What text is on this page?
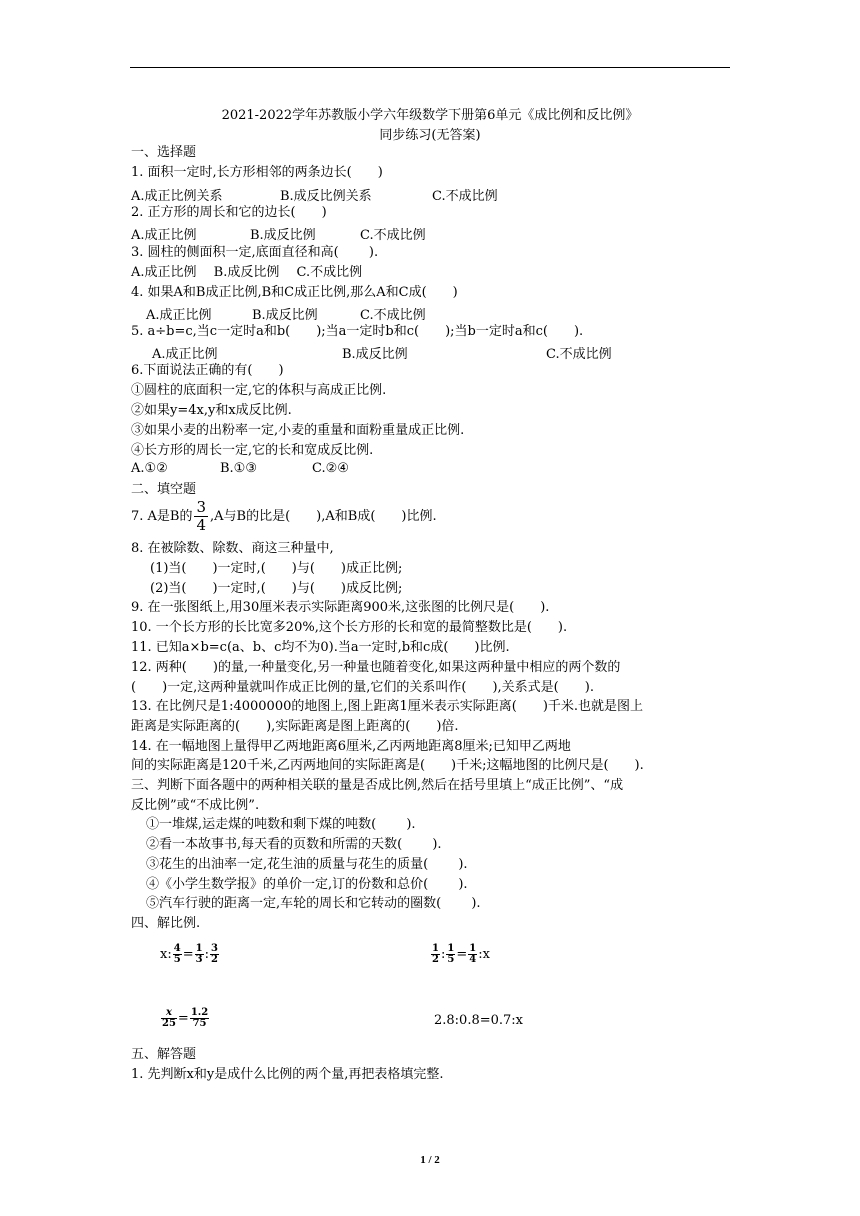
2021-2022学年苏教版小学六年级数学下册第6单元《成比例和反比例》
同步练习(无答案)
一、选择题
1. 面积一定时,长方形相邻的两条边长(　　)
A.成正比例关系	B.成反比例关系	C.不成比例
2. 正方形的周长和它的边长(　　)
A.成正比例	B.成反比例	C.不成比例
3. 圆柱的侧面积一定,底面直径和高(　　 ).
A.成正比例　 B.成反比例　 C.不成比例
4. 如果A和B成正比例,B和C成正比例,那么A和C成(　　)
A.成正比例	B.成反比例	C.不成比例
5. a÷b=c,当c一定时a和b(　　);当a一定时b和c(　　);当b一定时a和c(　　).
A.成正比例	B.成反比例	C.不成比例
6.下面说法正确的有(　　)
①圆柱的底面积一定,它的体积与高成正比例.
②如果y=4x,y和x成反比例.
③如果小麦的出粉率一定,小麦的重量和面粉重量成正比例.
④长方形的周长一定,它的长和宽成反比例.
A.①②	B.①③	C.②④
二、填空题
7. A是B的 $\frac{3}{4} ,A$与B的比是(　　),A和B成(　　)比例.
8. 在被除数、除数、商这三种量中,
(1)当(　　)一定时,(　　)与(　　)成正比例;
(2)当(　　)一定时,(　　)与(　　)成反比例;
9. 在一张图纸上,用30厘米表示实际距离900米,这张图的比例尺是(　　).
10. 一个长方形的长比宽多20%,这个长方形的长和宽的最简整数比是(　　).
11. 已知a×b=c(a、b、c均不为0).当a一定时,b和c成(　　)比例.
12. 两种(　　)的量,一种量变化,另一种量也随着变化,如果这两种量中相应的两个数的
(　　)一定,这两种量就叫作成正比例的量,它们的关系叫作(　　),关系式是(　　).
13. 在比例尺是1:4000000的地图上,图上距离1厘米表示实际距离(　　)千米.也就是图上
距离是实际距离的(　　),实际距离是图上距离的(　　)倍.
14. 在一幅地图上量得甲乙两地距离6厘米,乙丙两地距离8厘米;已知甲乙两地
间的实际距离是120千米,乙丙两地间的实际距离是(　　)千米;这幅地图的比例尺是(　　).
三、判断下面各题中的两种相关联的量是否成比例,然后在括号里填上“成正比例”、“成
反比例”或“不成比例”.
①一堆煤,运走煤的吨数和剩下煤的吨数(　　 ).
②看一本故事书,每天看的页数和所需的天数(　　 ).
③花生的出油率一定,花生油的质量与花生的质量(　　 ).
④《小学生数学报》的单价一定,订的份数和总价(　　 ).
⑤汽车行驶的距离一定,车轮的周长和它转动的圈数(　　 ).
四、解比例.
x: $\frac{4}{5} = \frac{1}{3}$ : $\frac{3}{2}$	$\frac{1}{2}$ : $\frac{1}{5} = \frac{1}{4}$ :x
$\frac{x}{25} = \frac{1.2}{75}$	2.8:0.8=0.7:x
五、解答题
1. 先判断x和y是成什么比例的两个量,再把表格填完整.
1 / 2
